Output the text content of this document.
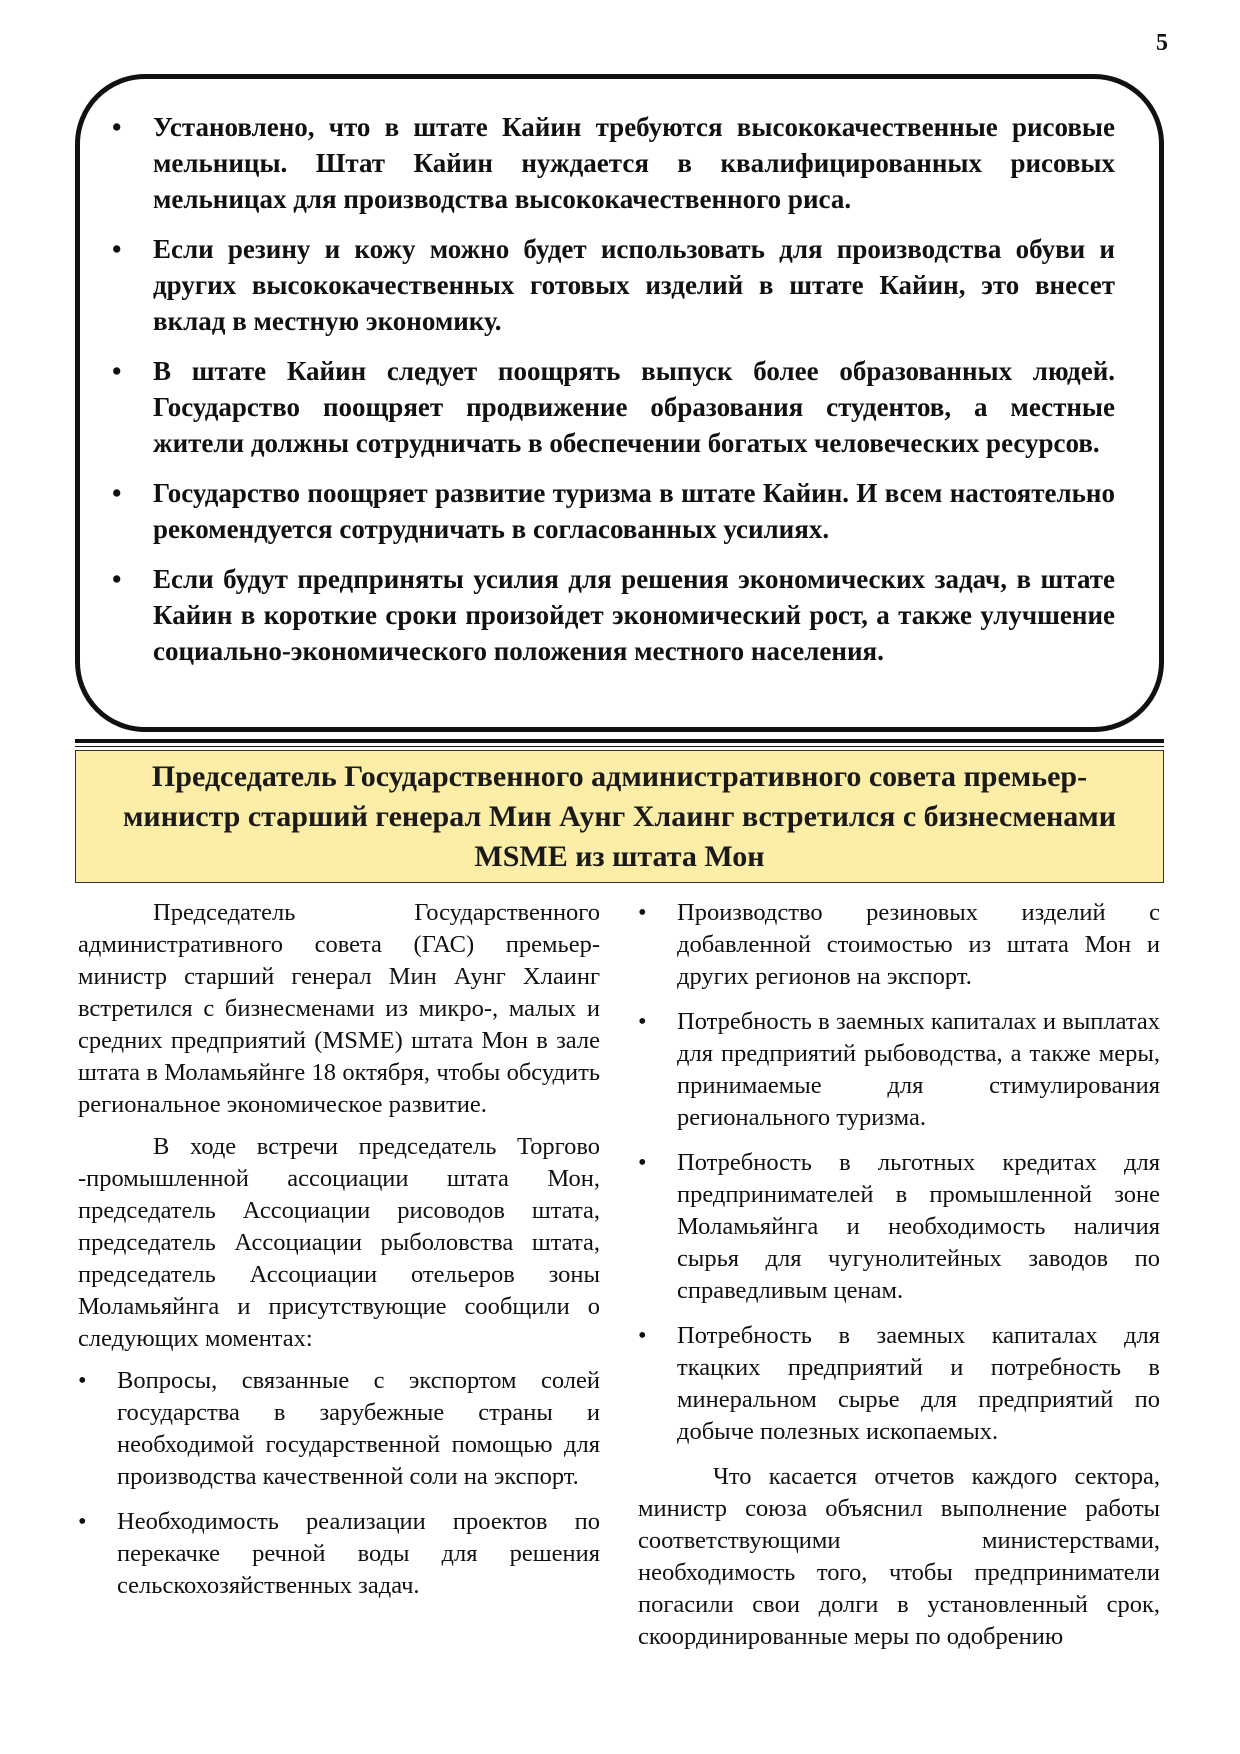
5
• Установлено, что в штате Кайин требуются высококачественные рисовые мельницы. Штат Кайин нуждается в квалифицированных рисовых мельницах для производства высококачественного риса.
• Если резину и кожу можно будет использовать для производства обуви и других высококачественных готовых изделий в штате Кайин, это внесет вклад в местную экономику.
• В штате Кайин следует поощрять выпуск более образованных людей. Государство поощряет продвижение образования студентов, а местные жители должны сотрудничать в обеспечении богатых человеческих ресурсов.
• Государство поощряет развитие туризма в штате Кайин. И всем настоятельно рекомендуется сотрудничать в согласованных усилиях.
• Если будут предприняты усилия для решения экономических задач, в штате Кайин в короткие сроки произойдет экономический рост, а также улучшение социально-экономического положения местного населения.
Председатель Государственного административного совета премьер-министр старший генерал Мин Аунг Хлаинг встретился с бизнесменами MSME из штата Мон

Председатель Государственного административного совета (ГАС) премьер-министр старший генерал Мин Аунг Хлаинг встретился с бизнесменами из микро-, малых и средних предприятий (MSME) штата Мон в зале штата в Моламьяйнге 18 октября, чтобы обсудить региональное экономическое развитие.

В ходе встречи председатель Торгово -промышленной ассоциации штата Мон, председатель Ассоциации рисоводов штата, председатель Ассоциации рыболовства штата, председатель Ассоциации отельеров зоны Моламьяйнга и присутствующие сообщили о следующих моментах:

• Вопросы, связанные с экспортом солей государства в зарубежные страны и необходимой государственной помощью для производства качественной соли на экспорт.
• Необходимость реализации проектов по перекачке речной воды для решения сельскохозяйственных задач.
• Производство резиновых изделий с добавленной стоимостью из штата Мон и других регионов на экспорт.
• Потребность в заемных капиталах и выплатах для предприятий рыбоводства, а также меры, принимаемые для стимулирования регионального туризма.
• Потребность в льготных кредитах для предпринимателей в промышленной зоне Моламьяйнга и необходимость наличия сырья для чугунолитейных заводов по справедливым ценам.
• Потребность в заемных капиталах для ткацких предприятий и потребность в минеральном сырье для предприятий по добыче полезных ископаемых.

Что касается отчетов каждого сектора, министр союза объяснил выполнение работы соответствующими министерствами, необходимость того, чтобы предприниматели погасили свои долги в установленный срок, скоординированные меры по одобрению
